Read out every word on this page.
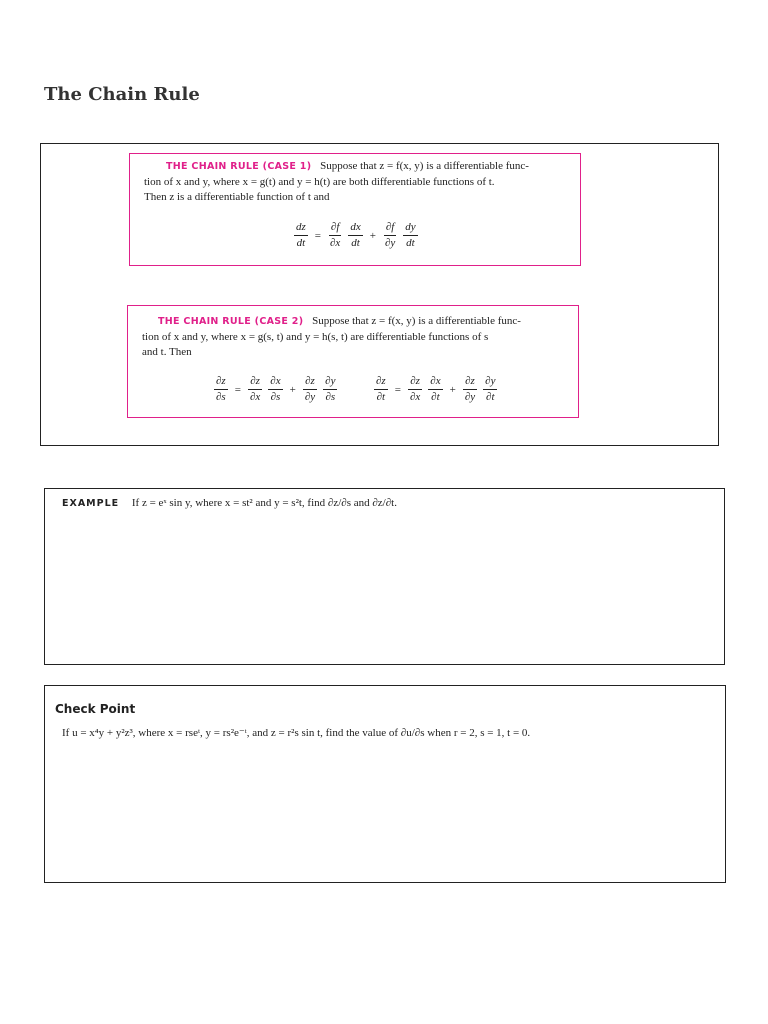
The Chain Rule
THE CHAIN RULE (CASE 1) Suppose that z = f(x, y) is a differentiable func-
tion of x and y, where x = g(t) and y = h(t) are both differentiable functions of t.
Then z is a differentiable function of t and
$\frac{dz}{dt} = \frac{\partial f}{\partial x} \frac{dx}{dt} + \frac{\partial f}{\partial y} \frac{dy}{dt}$
THE CHAIN RULE (CASE 2) Suppose that z = f(x, y) is a differentiable func-
tion of x and y, where x = g(s, t) and y = h(s, t) are differentiable functions of s
and t. Then
$\frac{\partial z}{\partial s} = \frac{\partial z}{\partial x} \frac{\partial x}{\partial s} + \frac{\partial z}{\partial y} \frac{\partial y}{\partial s}$	$\frac{\partial z}{\partial t} = \frac{\partial z}{\partial x} \frac{\partial x}{\partial t} + \frac{\partial z}{\partial y} \frac{\partial y}{\partial t}$
EXAMPLE If z = eˣ sin y, where x = st² and y = s²t, find ∂z/∂s and ∂z/∂t.
Check Point
If u = x⁴y + y²z³, where x = rseᵗ, y = rs²e⁻ᵗ, and z = r²s sin t, find the value of ∂u/∂s when r = 2, s = 1, t = 0.
